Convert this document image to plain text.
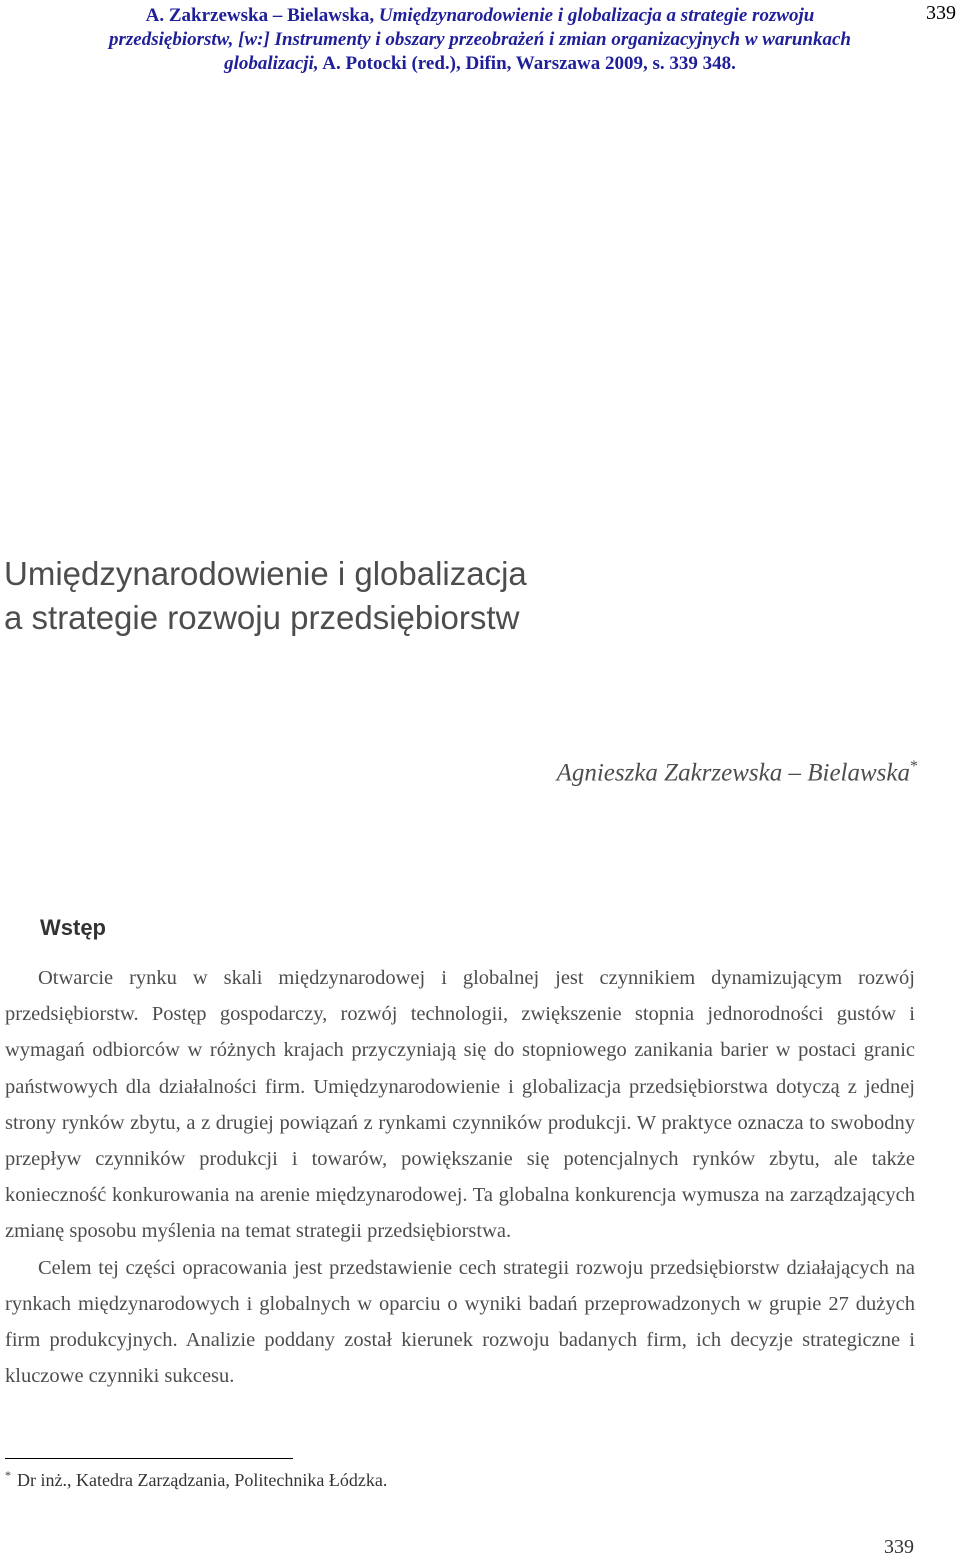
A. Zakrzewska – Bielawska, Umiędzynarodowienie i globalizacja a strategie rozwoju
przedsiębiorstw, [w:] Instrumenty i obszary przeobrażeń i zmian organizacyjnych w warunkach
globalizacji, A. Potocki (red.), Difin, Warszawa 2009, s. 339 348.
339
Umiędzynarodowienie i globalizacja
a strategie rozwoju przedsiębiorstw
Agnieszka Zakrzewska – Bielawska*
Wstęp

Otwarcie rynku w skali międzynarodowej i globalnej jest czynnikiem dynamizującym rozwój przedsiębiorstw. Postęp gospodarczy, rozwój technologii, zwiększenie stopnia jednorodności gustów i wymagań odbiorców w różnych krajach przyczyniają się do stopniowego zanikania barier w postaci granic państwowych dla działalności firm. Umiędzynarodowienie i globalizacja przedsiębiorstwa dotyczą z jednej strony rynków zbytu, a z drugiej powiązań z rynkami czynników produkcji. W praktyce oznacza to swobodny przepływ czynników produkcji i towarów, powiększanie się potencjalnych rynków zbytu, ale także konieczność konkurowania na arenie międzynarodowej. Ta globalna konkurencja wymusza na zarządzających zmianę sposobu myślenia na temat strategii przedsiębiorstwa.

Celem tej części opracowania jest przedstawienie cech strategii rozwoju przedsiębiorstw działających na rynkach międzynarodowych i globalnych w oparciu o wyniki badań przeprowadzonych w grupie 27 dużych firm produkcyjnych. Analizie poddany został kierunek rozwoju badanych firm, ich decyzje strategiczne i kluczowe czynniki sukcesu.

* Dr inż., Katedra Zarządzania, Politechnika Łódzka.
339
